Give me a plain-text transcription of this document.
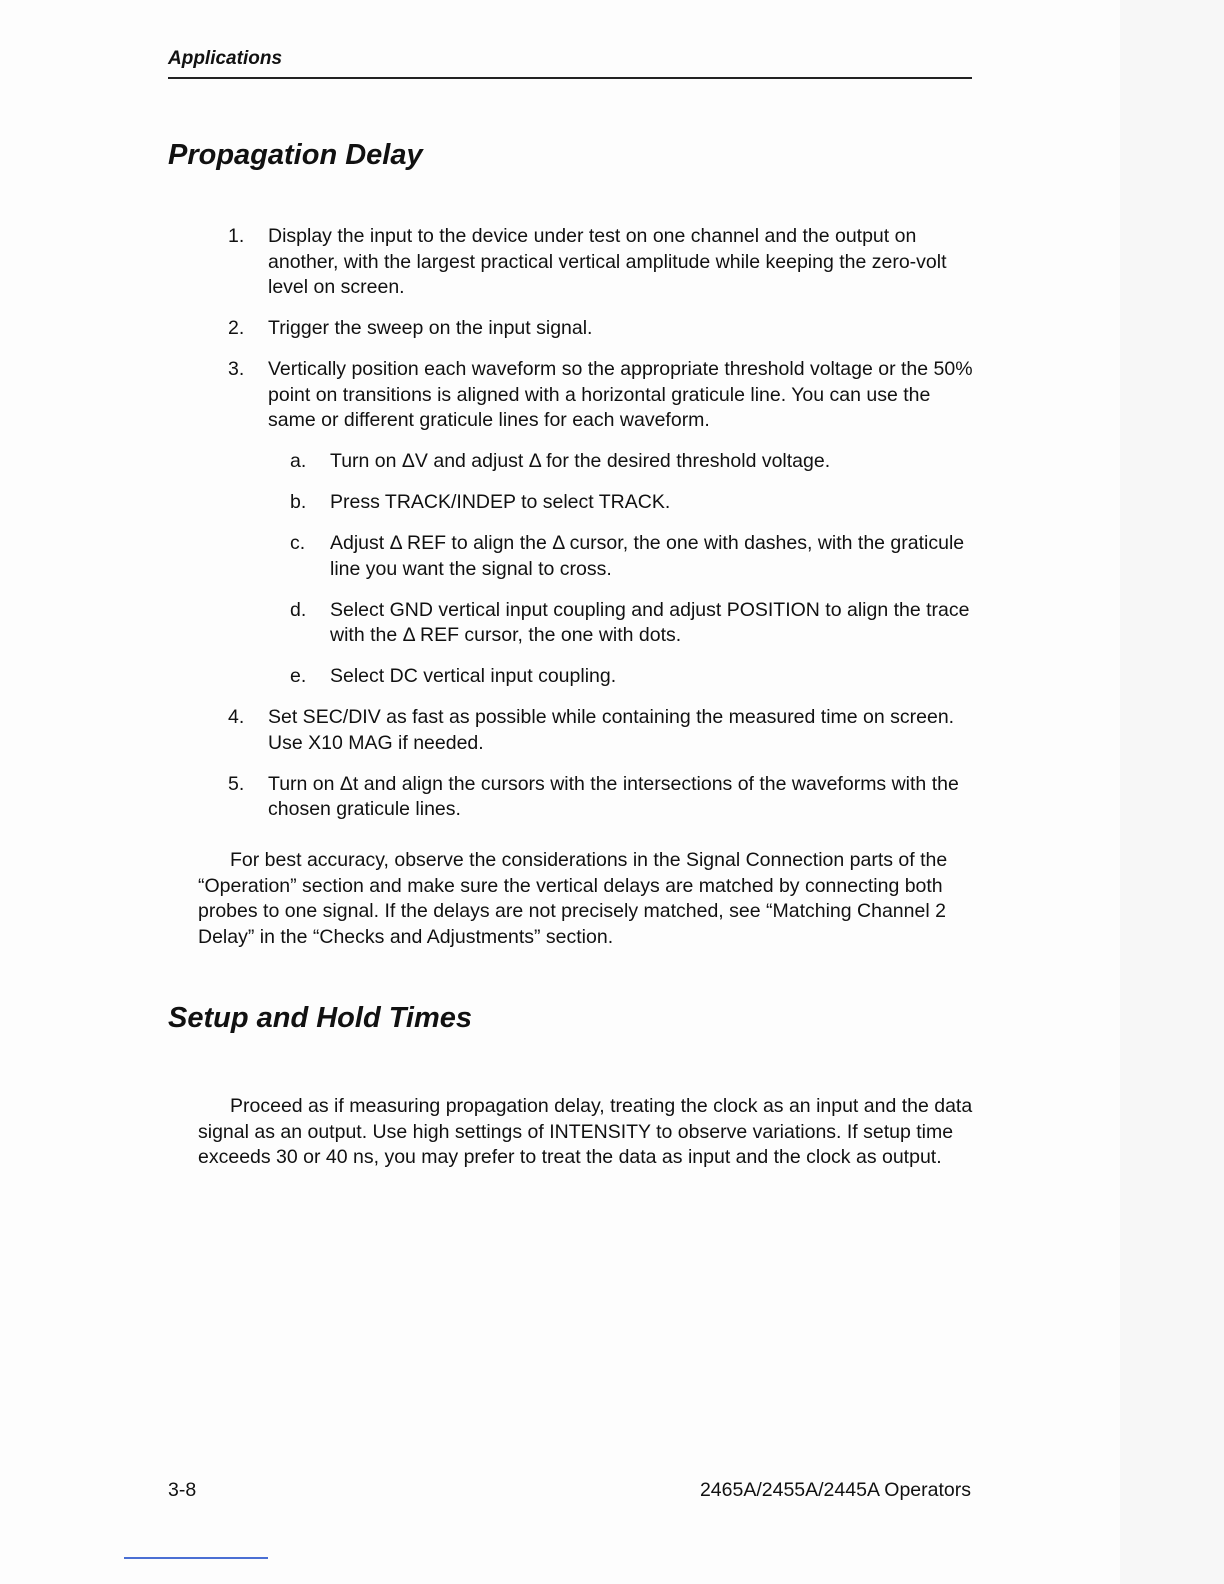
Applications
Propagation Delay
1. Display the input to the device under test on one channel and the output on another, with the largest practical vertical amplitude while keeping the zero-volt level on screen.
2. Trigger the sweep on the input signal.
3. Vertically position each waveform so the appropriate threshold voltage or the 50% point on transitions is aligned with a horizontal graticule line. You can use the same or different graticule lines for each waveform.
a. Turn on ΔV and adjust Δ for the desired threshold voltage.
b. Press TRACK/INDEP to select TRACK.
c. Adjust Δ REF to align the Δ cursor, the one with dashes, with the graticule line you want the signal to cross.
d. Select GND vertical input coupling and adjust POSITION to align the trace with the Δ REF cursor, the one with dots.
e. Select DC vertical input coupling.
4. Set SEC/DIV as fast as possible while containing the measured time on screen. Use X10 MAG if needed.
5. Turn on Δt and align the cursors with the intersections of the waveforms with the chosen graticule lines.

For best accuracy, observe the considerations in the Signal Connection parts of the “Operation” section and make sure the vertical delays are matched by connecting both probes to one signal. If the delays are not precisely matched, see “Matching Channel 2 Delay” in the “Checks and Adjustments” section.

Setup and Hold Times

Proceed as if measuring propagation delay, treating the clock as an input and the data signal as an output. Use high settings of INTENSITY to observe variations. If setup time exceeds 30 or 40 ns, you may prefer to treat the data as input and the clock as output.

3-8	2465A/2455A/2445A Operators
